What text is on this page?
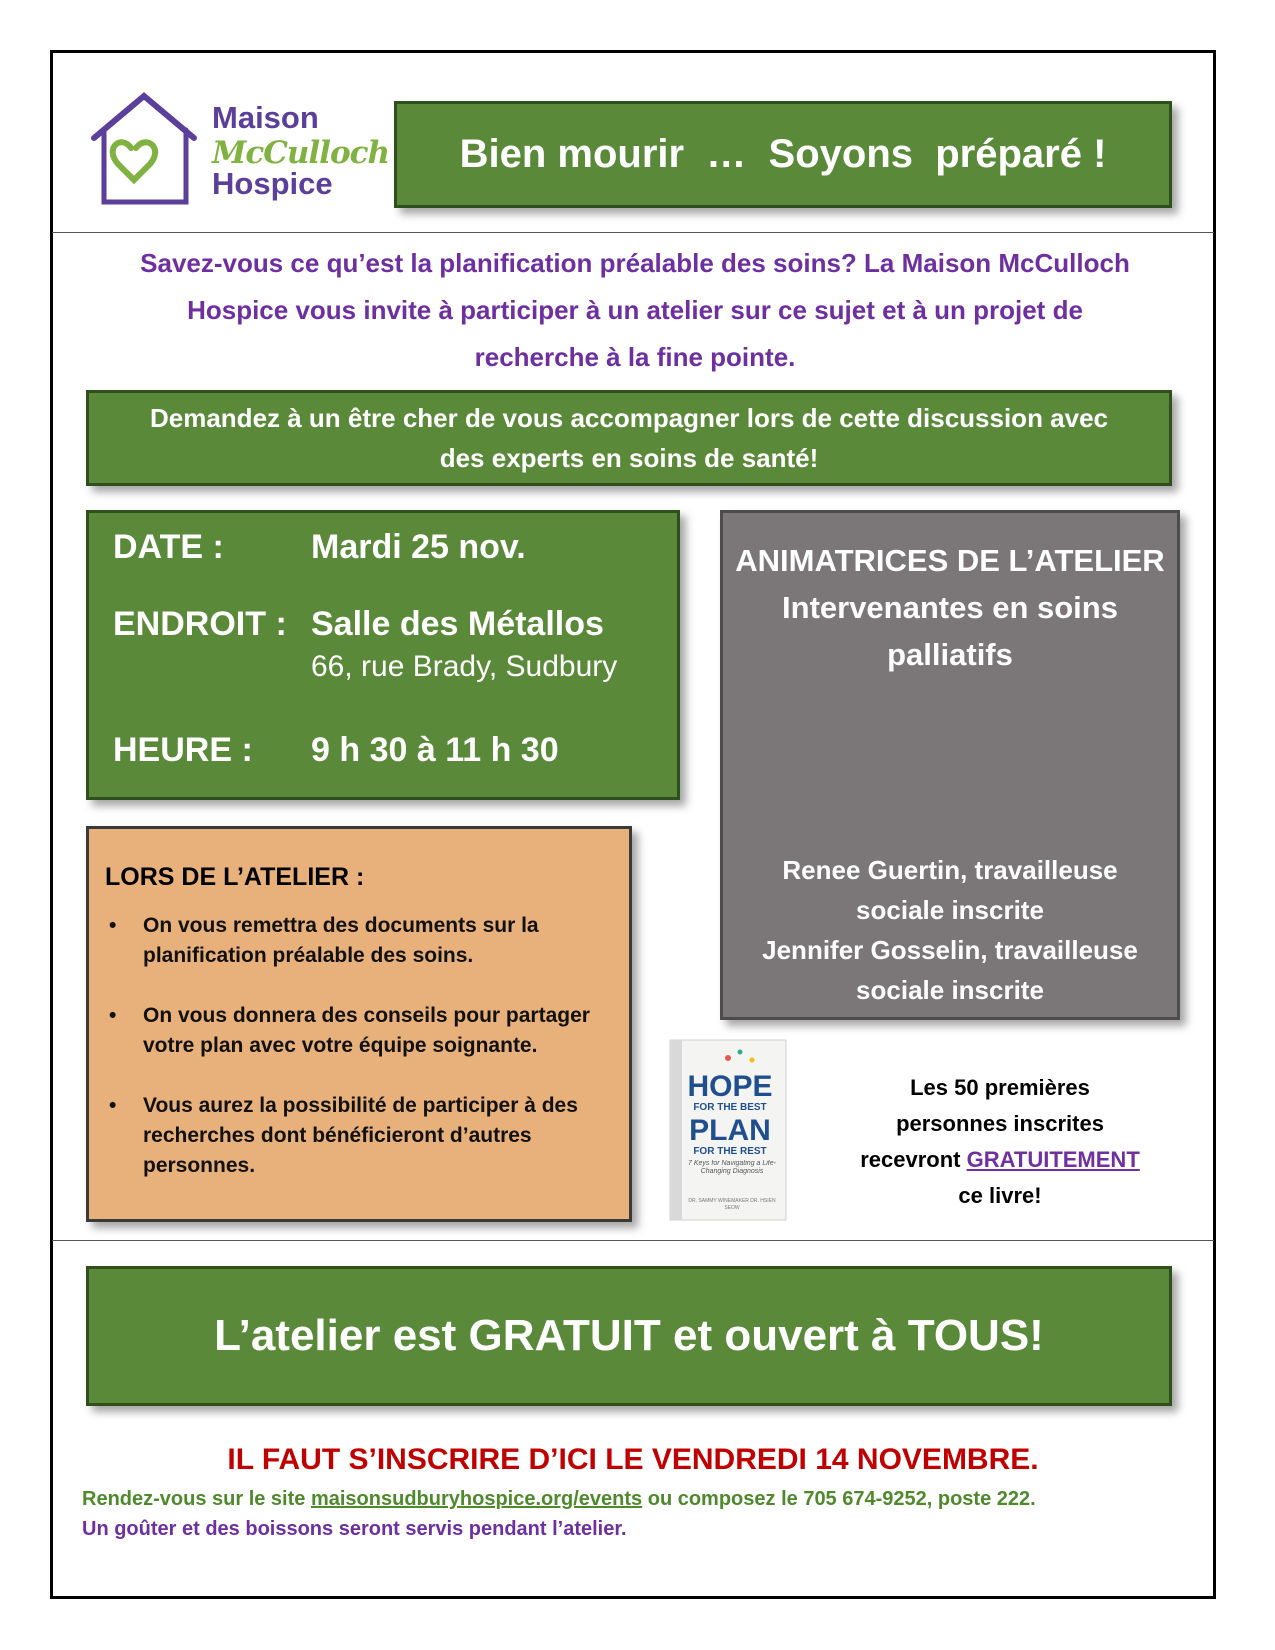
Maison
McCulloch
Hospice
Bien mourir  …  Soyons  préparé !
Savez-vous ce qu’est la planification préalable des soins? La Maison McCulloch
Hospice vous invite à participer à un atelier sur ce sujet et à un projet de
recherche à la fine pointe.
Demandez à un être cher de vous accompagner lors de cette discussion avec
des experts en soins de santé!
DATE :	Mardi 25 nov.
ENDROIT : Salle des Métallos
66, rue Brady, Sudbury
HEURE : 9 h 30 à 11 h 30
ANIMATRICES DE L’ATELIER
Intervenantes en soins
palliatifs
Renee Guertin, travailleuse
sociale inscrite
Jennifer Gosselin, travailleuse
sociale inscrite
LORS DE L’ATELIER :
• On vous remettra des documents sur la planification préalable des soins.
• On vous donnera des conseils pour partager votre plan avec votre équipe soignante.
• Vous aurez la possibilité de participer à des recherches dont bénéficieront d’autres personnes.
HOPE
FOR THE BEST
PLAN
FOR THE REST
7 Keys for Navigating a Life-Changing Diagnosis
DR. SAMMY WINEMAKER DR. HSIEN SEOW
Les 50 premières
personnes inscrites
recevront GRATUITEMENT
ce livre!
L’atelier est GRATUIT et ouvert à TOUS!
IL FAUT S’INSCRIRE D’ICI LE VENDREDI 14 NOVEMBRE.
Rendez-vous sur le site maisonsudburyhospice.org/events ou composez le 705 674-9252, poste 222.
Un goûter et des boissons seront servis pendant l’atelier.
